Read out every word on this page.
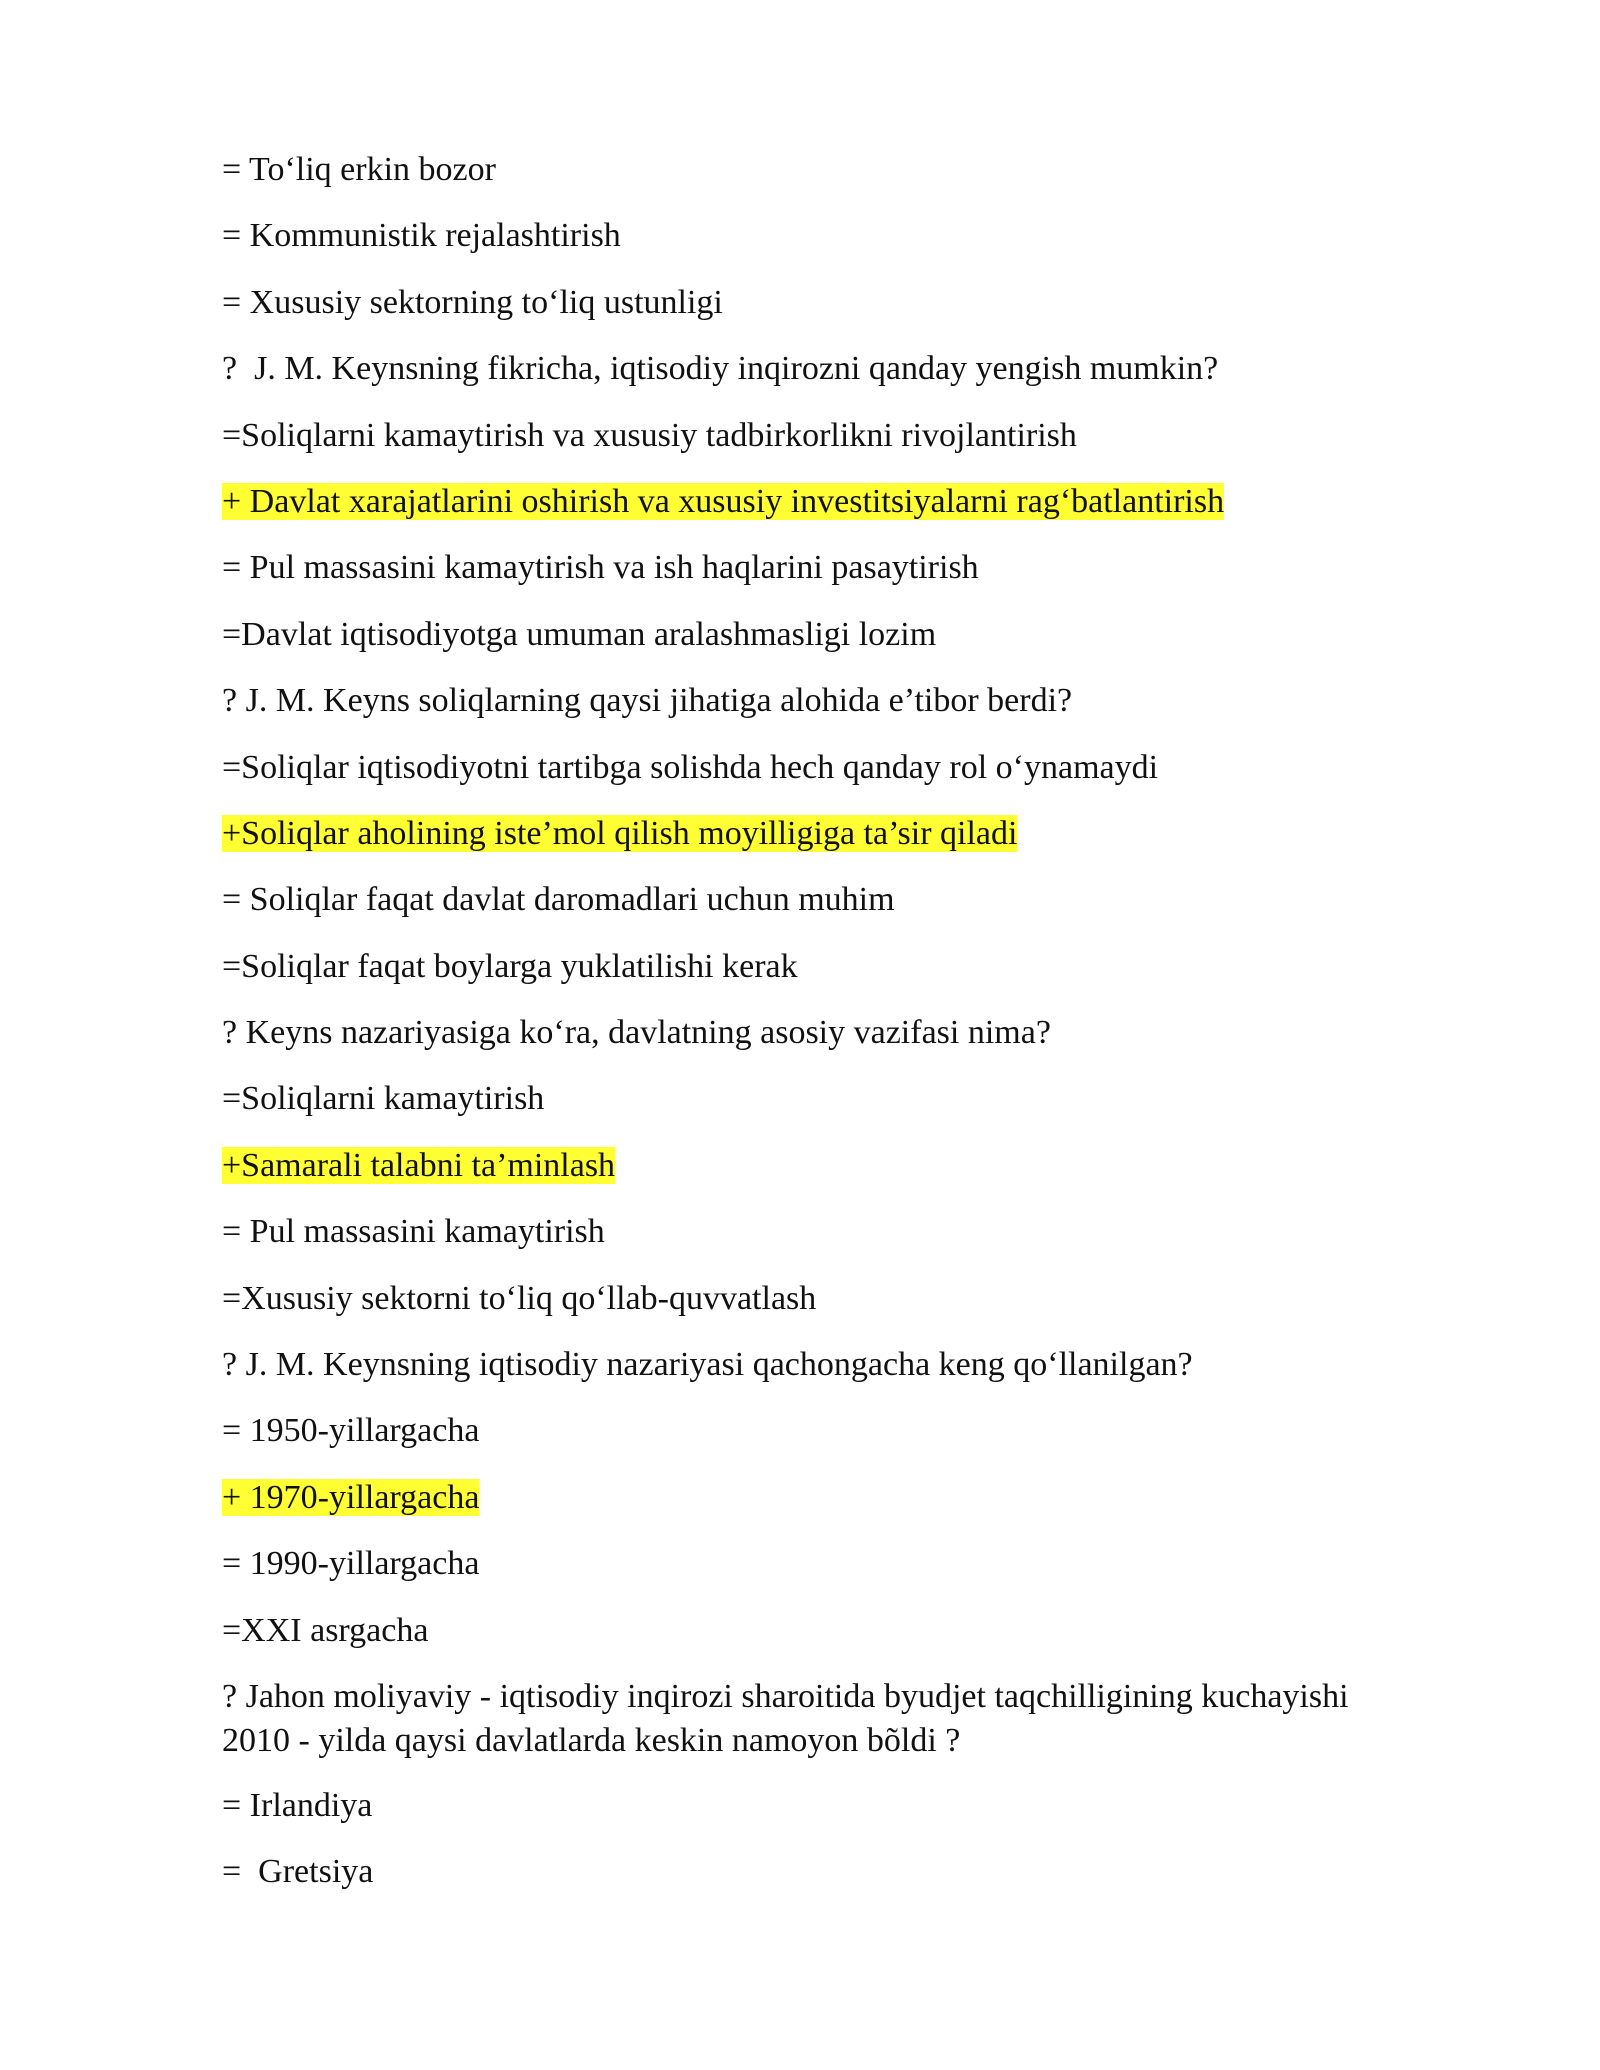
= To‘liq erkin bozor
= Kommunistik rejalashtirish
= Xususiy sektorning to‘liq ustunligi
?  J. M. Keynsning fikricha, iqtisodiy inqirozni qanday yengish mumkin?
=Soliqlarni kamaytirish va xususiy tadbirkorlikni rivojlantirish
+ Davlat xarajatlarini oshirish va xususiy investitsiyalarni rag‘batlantirish
= Pul massasini kamaytirish va ish haqlarini pasaytirish
=Davlat iqtisodiyotga umuman aralashmasligi lozim
? J. M. Keyns soliqlarning qaysi jihatiga alohida e’tibor berdi?
=Soliqlar iqtisodiyotni tartibga solishda hech qanday rol o‘ynamaydi
+Soliqlar aholining iste’mol qilish moyilligiga ta’sir qiladi
= Soliqlar faqat davlat daromadlari uchun muhim
=Soliqlar faqat boylarga yuklatilishi kerak
? Keyns nazariyasiga ko‘ra, davlatning asosiy vazifasi nima?
=Soliqlarni kamaytirish
+Samarali talabni ta’minlash
= Pul massasini kamaytirish
=Xususiy sektorni to‘liq qo‘llab-quvvatlash
? J. M. Keynsning iqtisodiy nazariyasi qachongacha keng qo‘llanilgan?
= 1950-yillargacha
+ 1970-yillargacha
= 1990-yillargacha
=XXI asrgacha
? Jahon moliyaviy - iqtisodiy inqirozi sharoitida byudjet taqchilligining kuchayishi
2010 - yilda qaysi davlatlarda keskin namoyon bõldi ?
= Irlandiya
=  Gretsiya
